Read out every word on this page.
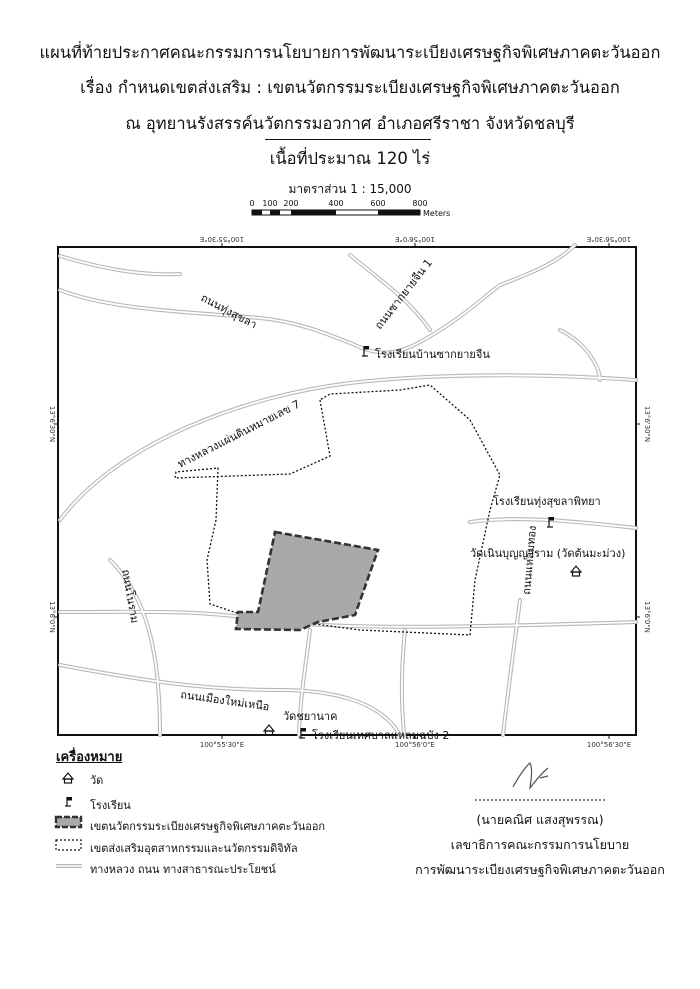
แผนที่ท้ายประกาศคณะกรรมการนโยบายการพัฒนาระเบียงเศรษฐกิจพิเศษภาคตะวันออก
เรื่อง กำหนดเขตส่งเสริม : เขตนวัตกรรมระเบียงเศรษฐกิจพิเศษภาคตะวันออก
ณ อุทยานรังสรรค์นวัตกรรมอวกาศ อำเภอศรีราชา จังหวัดชลบุรี
เนื้อที่ประมาณ 120 ไร่
มาตราส่วน 1 : 15,000
0 100 200	400	600	800
Meters
100°55'30"E	100°56'0"E	100°56'30"E
100°55'30"E	100°56'0"E	100°56'30"E
13°6'30"N
13°6'0"N
13°6'30"N
13°6'0"N
ถนนทุ่งสุขลา	ถนนซากยายจีน 1
โรงเรียนบ้านซากยายจีน
ทางหลวงแผ่นดินหมายเลข 7
โรงเรียนทุ่งสุขลาพิทยา
วัดเนินบุญญาราม (วัดต้นมะม่วง)
ถนนโนราม
ถนนแหลมทอง
ถนนเมืองใหม่เหนือ
วัดชยานาค
โรงเรียนเทศบาลแหลมฉบัง 2
เครื่องหมาย
วัด
โรงเรียน
เขตนวัตกรรมระเบียงเศรษฐกิจพิเศษภาคตะวันออก
เขตส่งเสริมอุตสาหกรรมและนวัตกรรมดิจิทัล
ทางหลวง ถนน ทางสาธารณะประโยชน์
(นายคณิศ แสงสุพรรณ)
เลขาธิการคณะกรรมการนโยบาย
การพัฒนาระเบียงเศรษฐกิจพิเศษภาคตะวันออก
